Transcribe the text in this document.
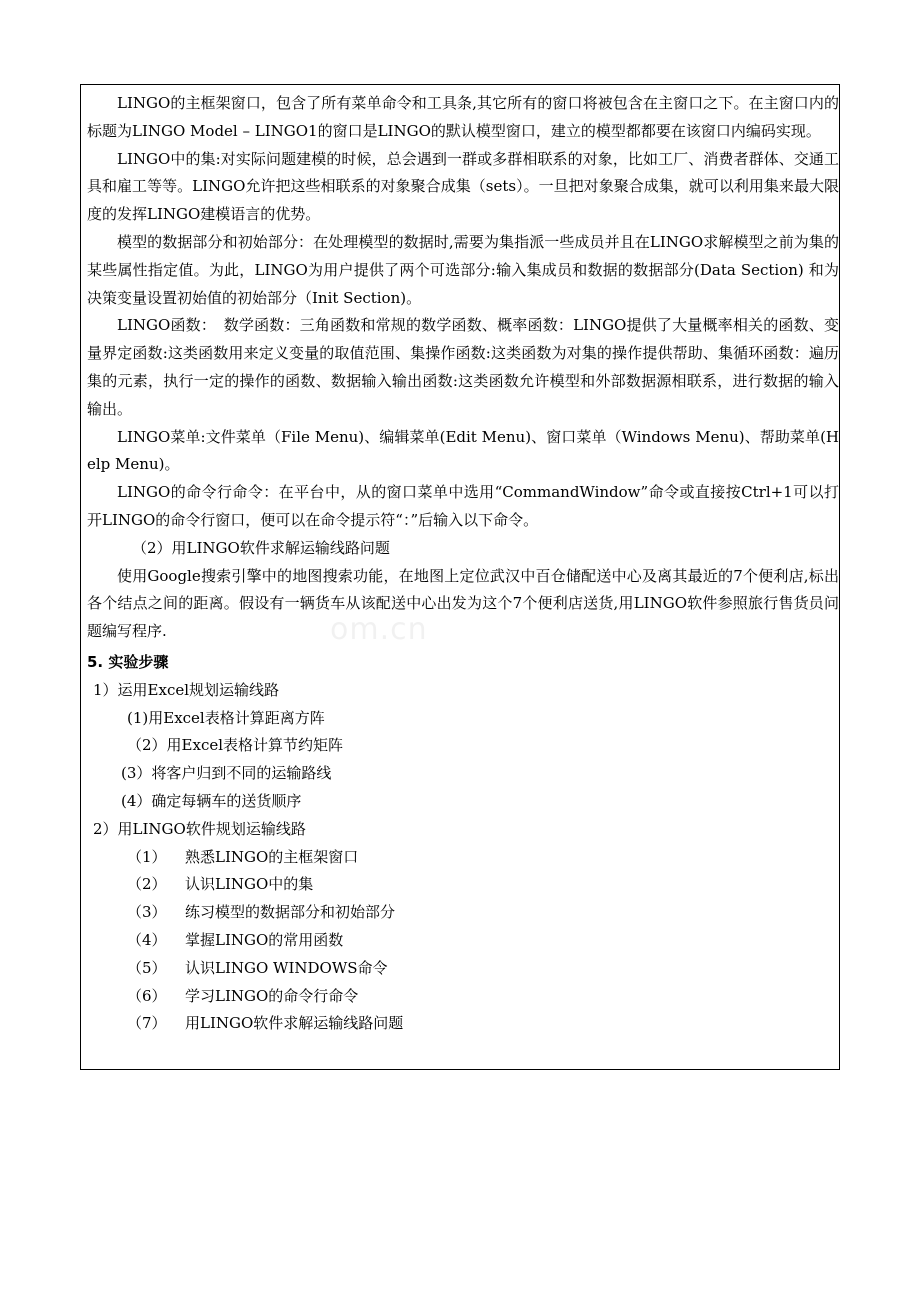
LINGO的主框架窗口，包含了所有菜单命令和工具条,其它所有的窗口将被包含在主窗口之下。在主窗口内的标题为LINGO Model – LINGO1的窗口是LINGO的默认模型窗口，建立的模型都都要在该窗口内编码实现。

LINGO中的集:对实际问题建模的时候，总会遇到一群或多群相联系的对象，比如工厂、消费者群体、交通工具和雇工等等。LINGO允许把这些相联系的对象聚合成集（sets）。一旦把对象聚合成集，就可以利用集来最大限度的发挥LINGO建模语言的优势。

模型的数据部分和初始部分：在处理模型的数据时,需要为集指派一些成员并且在LINGO求解模型之前为集的某些属性指定值。为此，LINGO为用户提供了两个可选部分:输入集成员和数据的数据部分(Data Section) 和为决策变量设置初始值的初始部分（Init Section)。

LINGO函数：　数学函数：三角函数和常规的数学函数、概率函数：LINGO提供了大量概率相关的函数、变量界定函数:这类函数用来定义变量的取值范围、集操作函数:这类函数为对集的操作提供帮助、集循环函数：遍历集的元素，执行一定的操作的函数、数据输入输出函数:这类函数允许模型和外部数据源相联系，进行数据的输入输出。

LINGO菜单:文件菜单（File Menu)、编辑菜单(Edit Menu)、窗口菜单（Windows Menu)、帮助菜单(Help Menu)。

LINGO的命令行命令：在平台中，从的窗口菜单中选用“CommandWindow”命令或直接按Ctrl+1可以打开LINGO的命令行窗口，便可以在命令提示符“：”后输入以下命令。

（2）用LINGO软件求解运输线路问题

使用Google搜索引擎中的地图搜索功能，在地图上定位武汉中百仓储配送中心及离其最近的7个便利店,标出各个结点之间的距离。假设有一辆货车从该配送中心出发为这个7个便利店送货,用LINGO软件参照旅行售货员问题编写程序.

5. 实验步骤

1）运用Excel规划运输线路

(1)用Excel表格计算距离方阵

（2）用Excel表格计算节约矩阵

(3）将客户归到不同的运输路线

(4）确定每辆车的送货顺序

2）用LINGO软件规划运输线路

（1） 熟悉LINGO的主框架窗口

（2） 认识LINGO中的集

（3） 练习模型的数据部分和初始部分

（4） 掌握LINGO的常用函数

（5） 认识LINGO WINDOWS命令

（6） 学习LINGO的命令行命令

（7） 用LINGO软件求解运输线路问题

om.cn
